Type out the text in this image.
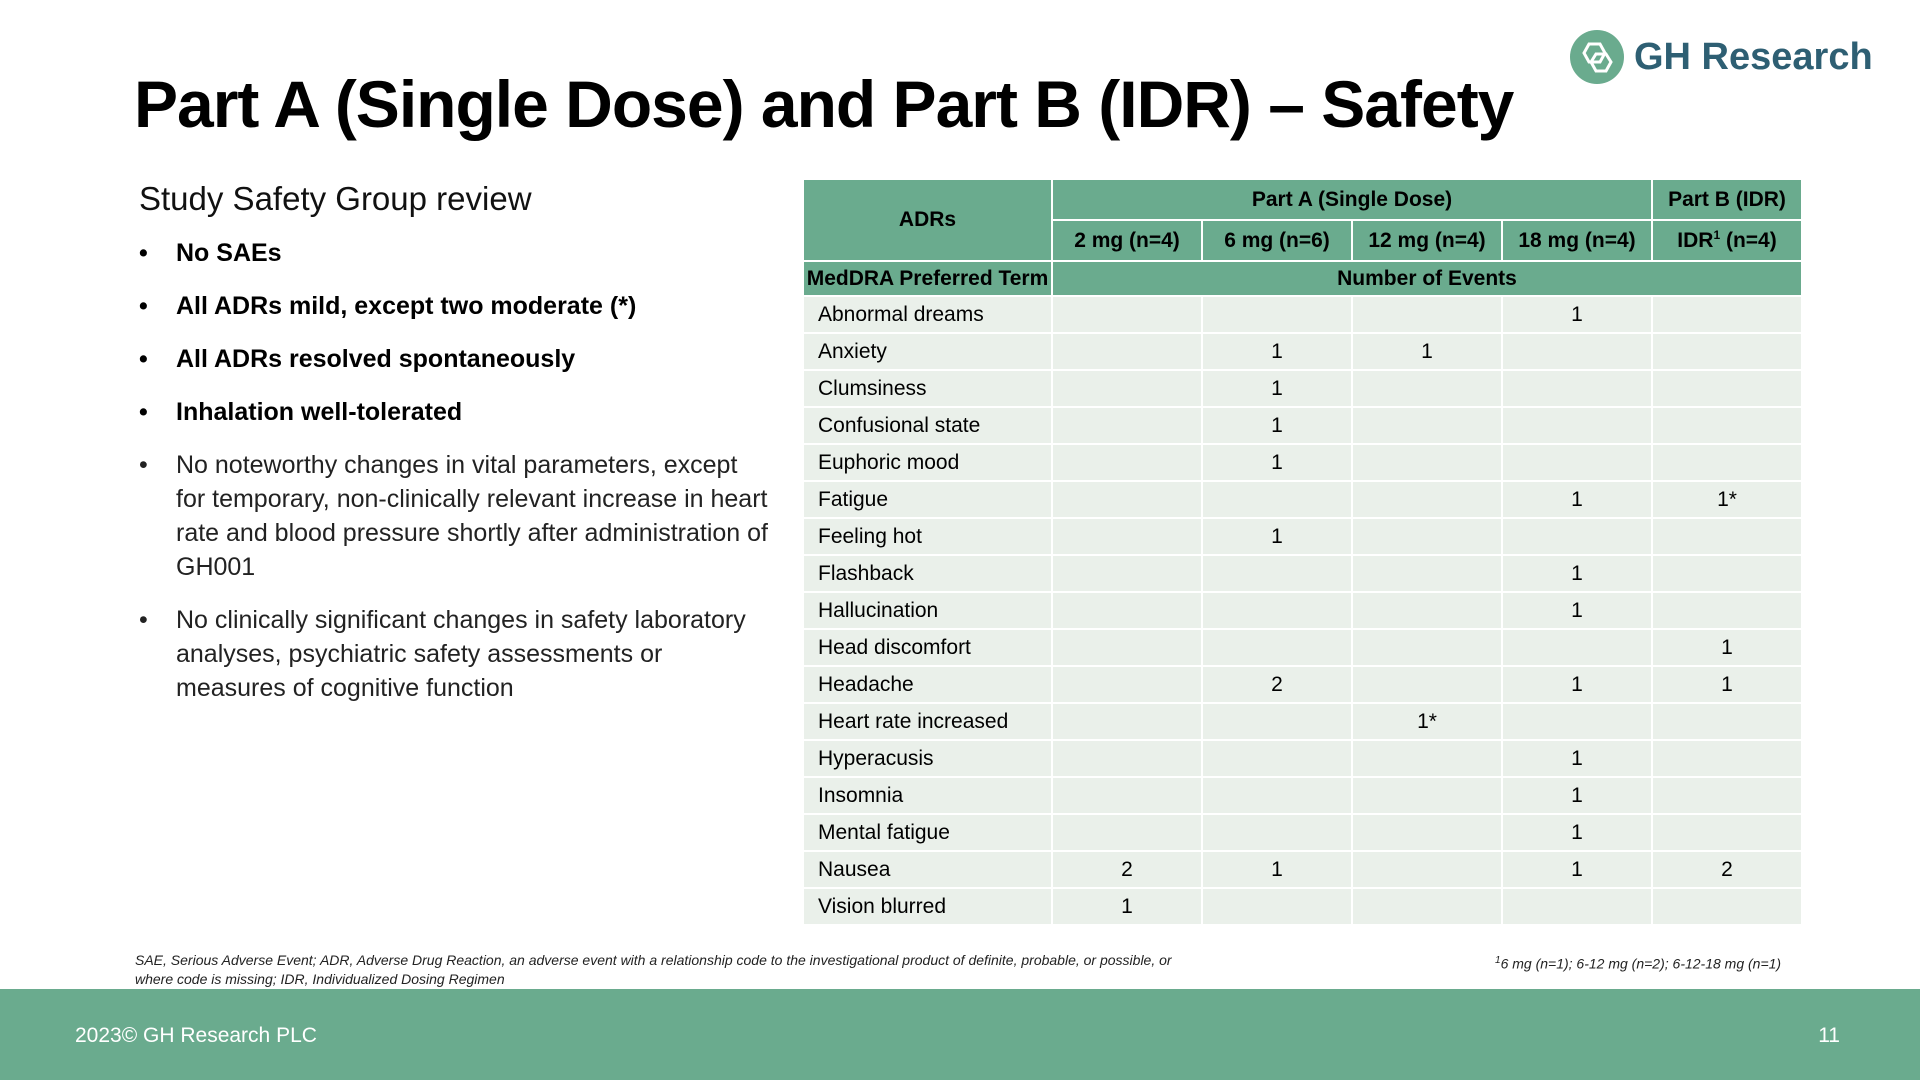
Part A (Single Dose) and Part B (IDR) – Safety
GH Research
Study Safety Group review
• No SAEs
• All ADRs mild, except two moderate (*)
• All ADRs resolved spontaneously
• Inhalation well-tolerated
• No noteworthy changes in vital parameters, except for temporary, non-clinically relevant increase in heart rate and blood pressure shortly after administration of GH001
• No clinically significant changes in safety laboratory analyses, psychiatric safety assessments or measures of cognitive function
ADRs	Part A (Single Dose)				Part B (IDR)
	2 mg (n=4)	6 mg (n=6)	12 mg (n=4)	18 mg (n=4)	IDR$^1$ (n=4)
MedDRA Preferred Term	Number of Events				
Abnormal dreams				1	
Anxiety		1	1		
Clumsiness		1			
Confusional state		1			
Euphoric mood		1			
Fatigue				1	1*
Feeling hot		1			
Flashback				1	
Hallucination				1	
Head discomfort					1
Headache		2		1	1
Heart rate increased			1*		
Hyperacusis				1	
Insomnia				1	
Mental fatigue				1	
Nausea	2	1		1	2
Vision blurred	1				
SAE, Serious Adverse Event; ADR, Adverse Drug Reaction, an adverse event with a relationship code to the investigational product of definite, probable, or possible, or where code is missing; IDR, Individualized Dosing Regimen
$^1$6 mg (n=1); 6-12 mg (n=2); 6-12-18 mg (n=1)
2023© GH Research PLC	11
